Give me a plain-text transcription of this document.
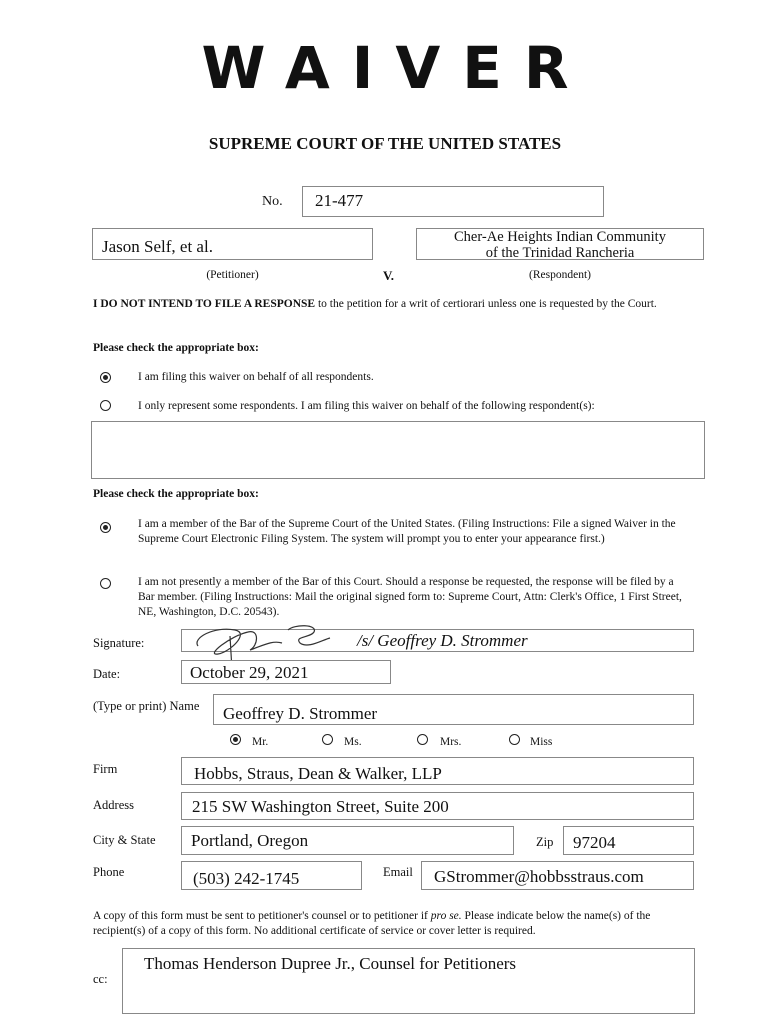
WAIVER
SUPREME COURT OF THE UNITED STATES
No. 21-477
Jason Self, et al.
(Petitioner)	V.
Cher-Ae Heights Indian Community
of the Trinidad Rancheria
(Respondent)
I DO NOT INTEND TO FILE A RESPONSE to the petition for a writ of certiorari unless one is requested by the Court.
Please check the appropriate box:
I am filing this waiver on behalf of all respondents.
I only represent some respondents. I am filing this waiver on behalf of the following respondent(s):
Please check the appropriate box:
I am a member of the Bar of the Supreme Court of the United States. (Filing Instructions: File a signed Waiver in the Supreme Court Electronic Filing System. The system will prompt you to enter your appearance first.)
I am not presently a member of the Bar of this Court. Should a response be requested, the response will be filed by a Bar member. (Filing Instructions: Mail the original signed form to: Supreme Court, Attn: Clerk's Office, 1 First Street, NE, Washington, D.C. 20543).
Signature:	/s/ Geoffrey D. Strommer
Date:	October 29, 2021
(Type or print) Name Geoffrey D. Strommer
Mr.	Ms.	Mrs.	Miss
Firm	Hobbs, Straus, Dean & Walker, LLP
Address	215 SW Washington Street, Suite 200
City & State Portland, Oregon	Zip 97204
Phone	(503) 242-1745	Email GStrommer@hobbsstraus.com
A copy of this form must be sent to petitioner's counsel or to petitioner if pro se. Please indicate below the name(s) of the recipient(s) of a copy of this form. No additional certificate of service or cover letter is required.
cc:
Thomas Henderson Dupree Jr., Counsel for Petitioners
